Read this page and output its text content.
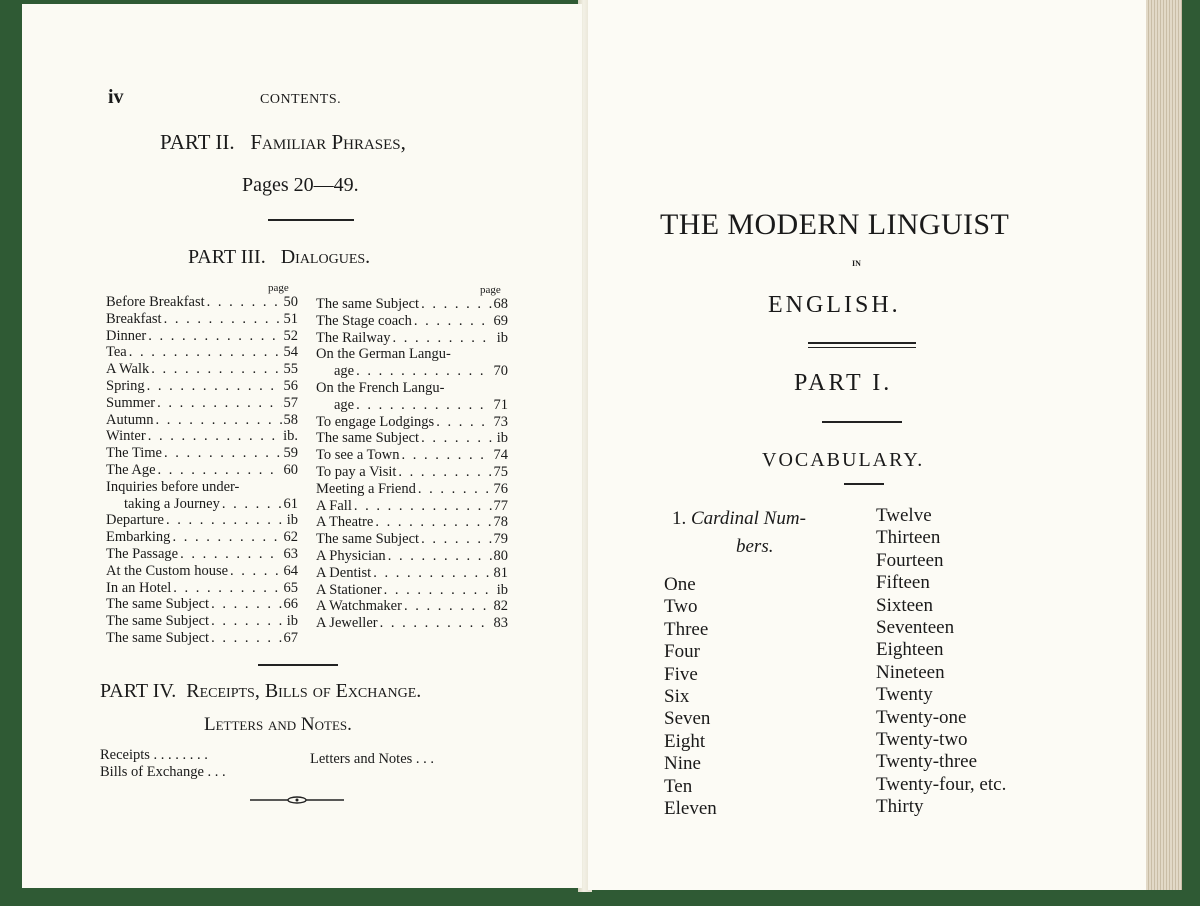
iv	CONTENTS.
PART II. Familiar Phrases,
Pages 20—49.
PART III. Dialogues.
page	page
Before Breakfast . . .	50
Breakfast . . .	51
Dinner . . .	52
Tea . . .	54
A Walk . . .	55
Spring . . .	56
Summer . . .	57
Autumn . . .	58
Winter . . .	ib.
The Time . . .	59
The Age . . .	60
Inquiries before under-
taking a Journey . . .	61
Departure . . .	ib
Embarking . . .	62
The Passage . . .	63
At the Custom house . . .	64
In an Hotel . . .	65
The same Subject . . .	66
The same Subject . . .	ib
The same Subject . . .	67
The same Subject . . .	68
The Stage coach . . .	69
The Railway . . .	ib
On the German Langu-
age . . .	70
On the French Langu-
age . . .	71
To engage Lodgings . . .	73
The same Subject . . .	ib
To see a Town . . .	74
To pay a Visit . . .	75
Meeting a Friend . . .	76
A Fall . . .	77
A Theatre . . .	78
The same Subject . . .	79
A Physician . . .	80
A Dentist . . .	81
A Stationer . . .	ib
A Watchmaker . . .	82
A Jeweller . . .	83
PART IV. Receipts, Bills of Exchange.
Letters and Notes.
Receipts . . . . . . . .
Bills of Exchange . . .
Letters and Notes . . .
THE MODERN LINGUIST
IN
ENGLISH.
PART I.
VOCABULARY.
1. Cardinal Num-
bers.
One
Two
Three
Four
Five
Six
Seven
Eight
Nine
Ten
Eleven
Twelve
Thirteen
Fourteen
Fifteen
Sixteen
Seventeen
Eighteen
Nineteen
Twenty
Twenty-one
Twenty-two
Twenty-three
Twenty-four, etc.
Thirty
